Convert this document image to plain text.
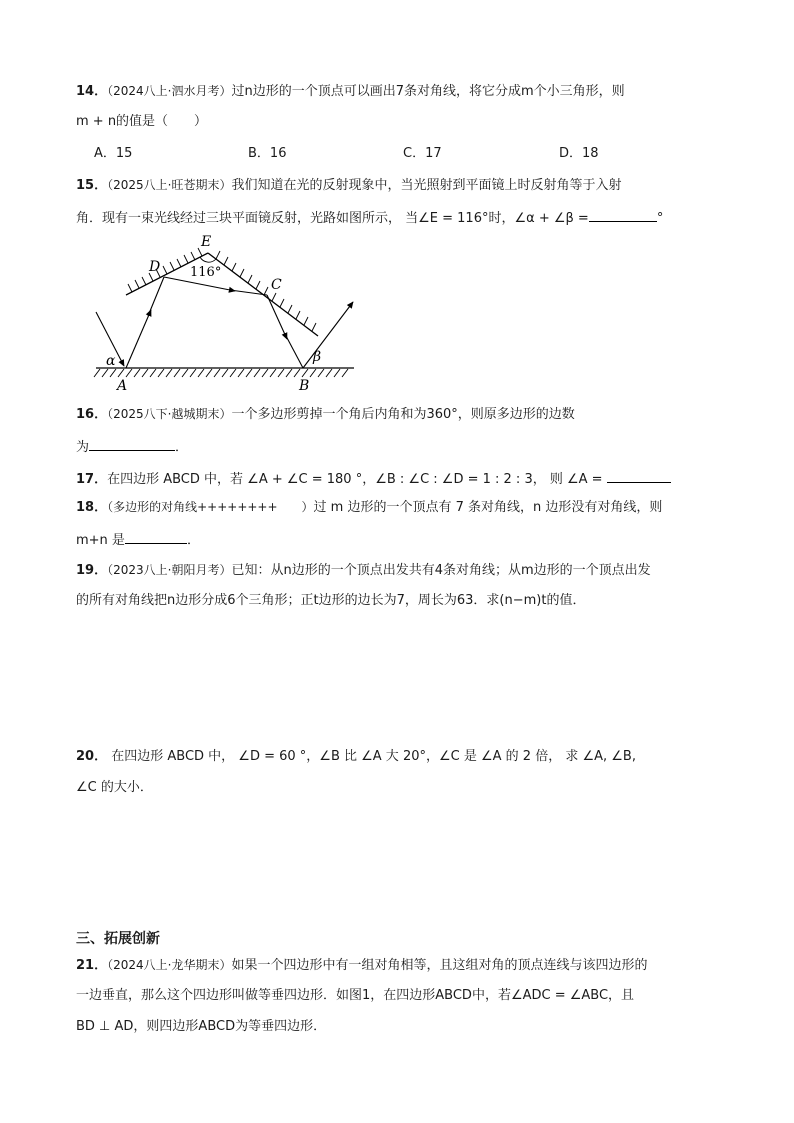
14．（2024八上·泗水月考）过n边形的一个顶点可以画出7条对角线，将它分成m个小三角形，则
m + n的值是（　　）
A．15	B．16	C．17	D．18
15．（2025八上·旺苍期末）我们知道在光的反射现象中，当光照射到平面镜上时反射角等于入射
角．现有一束光线经过三块平面镜反射，光路如图所示， 当∠E = 116°时，∠α + ∠β =	°
E
D
C
A	B
α	β
116°
16．（2025八下·越城期末）一个多边形剪掉一个角后内角和为360°，则原多边形的边数
为	．
17．在四边形 ABCD 中，若 ∠A + ∠C = 180 °，∠B : ∠C : ∠D = 1 : 2 : 3， 则 ∠A =
18．（多边形的对角线++++++++　　）过 m 边形的一个顶点有 7 条对角线，n 边形没有对角线，则
m+n 是	．
19．（2023八上·朝阳月考）已知：从n边形的一个顶点出发共有4条对角线；从m边形的一个顶点出发
的所有对角线把n边形分成6个三角形；正t边形的边长为7，周长为63．求(n−m)t的值．
20． 在四边形 ABCD 中， ∠D = 60 °，∠B 比 ∠A 大 20°，∠C 是 ∠A 的 2 倍， 求 ∠A, ∠B,
∠C 的大小．
三、拓展创新
21．（2024八上·龙华期末）如果一个四边形中有一组对角相等，且这组对角的顶点连线与该四边形的
一边垂直，那么这个四边形叫做等垂四边形．如图1，在四边形ABCD中，若∠ADC = ∠ABC，且
BD ⊥ AD，则四边形ABCD为等垂四边形．
